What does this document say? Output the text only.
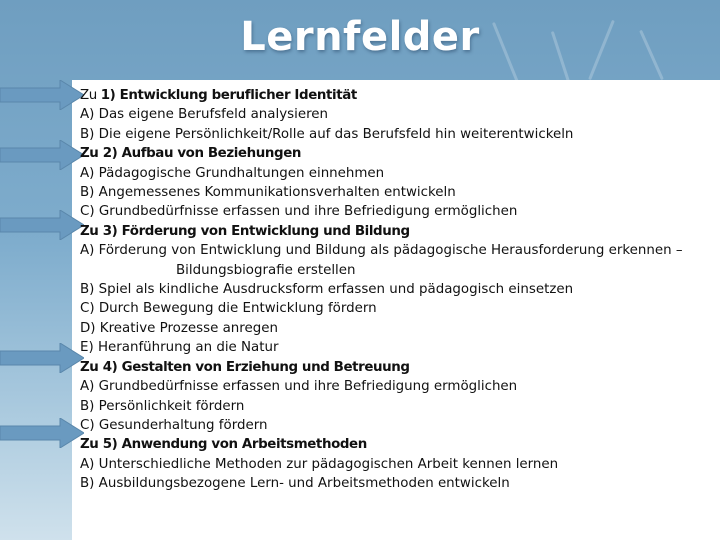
Lernfelder
Zu 1) Entwicklung beruflicher Identität
A) Das eigene Berufsfeld analysieren
B) Die eigene Persönlichkeit/Rolle auf das Berufsfeld hin weiterentwickeln
Zu 2) Aufbau von Beziehungen
A) Pädagogische Grundhaltungen einnehmen
B) Angemessenes Kommunikationsverhalten entwickeln
C) Grundbedürfnisse erfassen und ihre Befriedigung ermöglichen
Zu 3) Förderung von Entwicklung und Bildung
A) Förderung von Entwicklung und Bildung als pädagogische Herausforderung erkennen –
Bildungsbiografie erstellen
B) Spiel als kindliche Ausdrucksform erfassen und pädagogisch einsetzen
C) Durch Bewegung die Entwicklung fördern
D) Kreative Prozesse anregen
E) Heranführung an die Natur
Zu 4) Gestalten von Erziehung und Betreuung
A) Grundbedürfnisse erfassen und ihre Befriedigung ermöglichen
B) Persönlichkeit fördern
C) Gesunderhaltung fördern
Zu 5) Anwendung von Arbeitsmethoden
A) Unterschiedliche Methoden zur pädagogischen Arbeit kennen lernen
B) Ausbildungsbezogene Lern- und Arbeitsmethoden entwickeln
